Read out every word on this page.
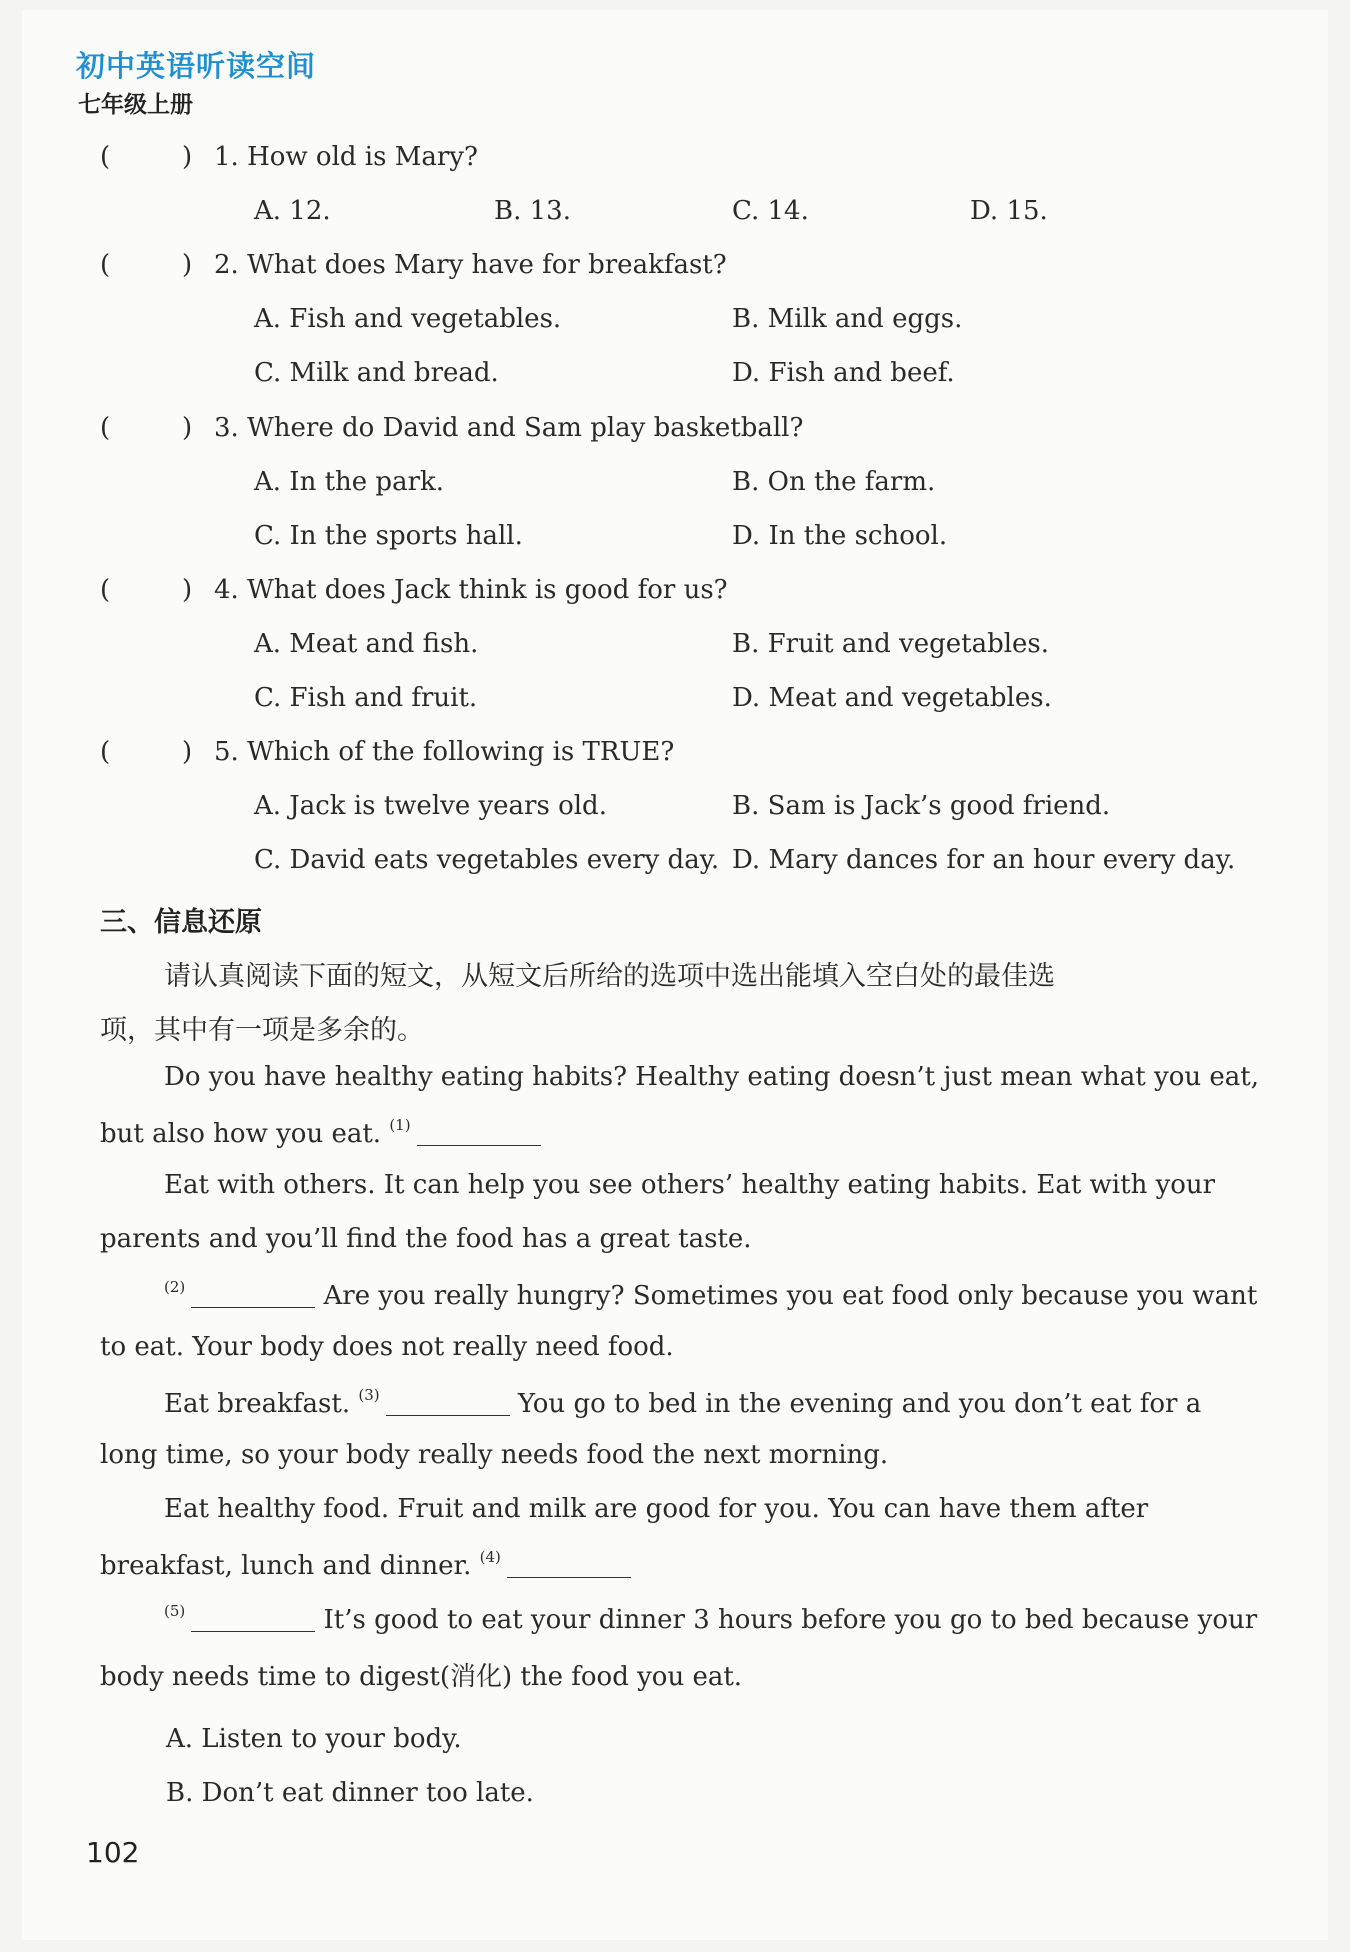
初中英语听读空间
七年级上册
(	) 1. How old is Mary?
A. 12.	B. 13.	C. 14.	D. 15.
(	) 2. What does Mary have for breakfast?
A. Fish and vegetables.	B. Milk and eggs.
C. Milk and bread.	D. Fish and beef.
(	) 3. Where do David and Sam play basketball?
A. In the park.	B. On the farm.
C. In the sports hall.	D. In the school.
(	) 4. What does Jack think is good for us?
A. Meat and fish.	B. Fruit and vegetables.
C. Fish and fruit.	D. Meat and vegetables.
(	) 5. Which of the following is TRUE?
A. Jack is twelve years old.	B. Sam is Jack’s good friend.
C. David eats vegetables every day. D. Mary dances for an hour every day.
三、信息还原
请认真阅读下面的短文，从短文后所给的选项中选出能填入空白处的最佳选
项，其中有一项是多余的。
Do you have healthy eating habits? Healthy eating doesn’t just mean what you eat,
but also how you eat. $^{(1)}$
Eat with others. It can help you see others’ healthy eating habits. Eat with your
parents and you’ll find the food has a great taste.
$^{(2)}$	Are you really hungry? Sometimes you eat food only because you want
to eat. Your body does not really need food.
Eat breakfast. $^{(3)}$	You go to bed in the evening and you don’t eat for a
long time, so your body really needs food the next morning.
Eat healthy food. Fruit and milk are good for you. You can have them after
breakfast, lunch and dinner. $^{(4)}$
$^{(5)}$	It’s good to eat your dinner 3 hours before you go to bed because your
body needs time to digest(消化) the food you eat.
A. Listen to your body.
B. Don’t eat dinner too late.
102
